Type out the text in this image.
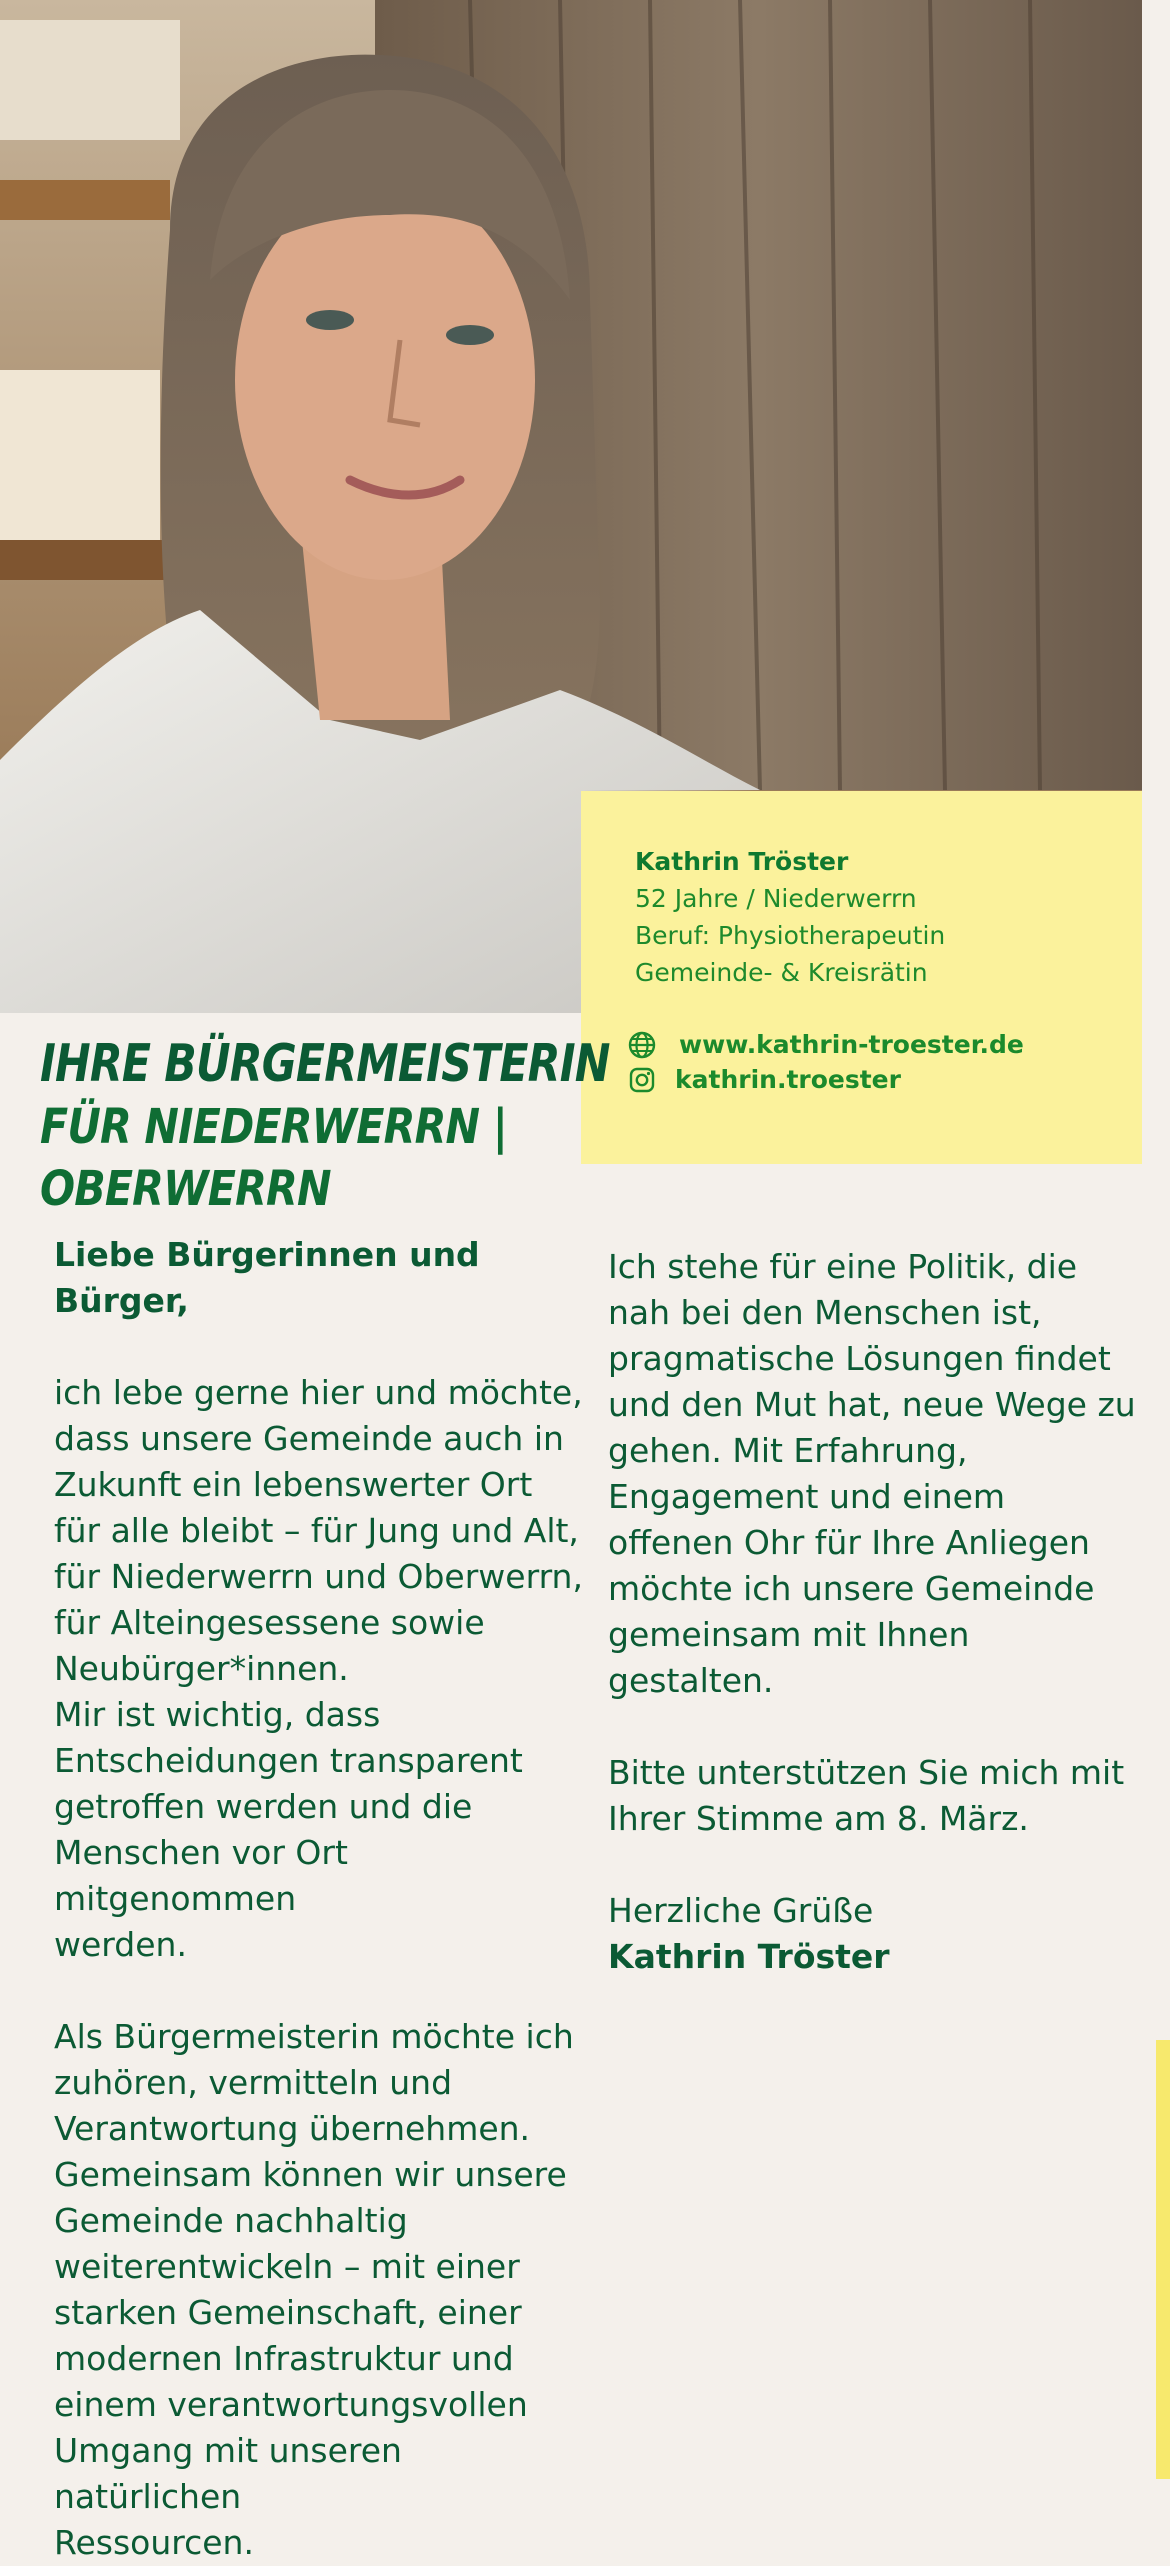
Kathrin Tröster
52 Jahre / Niederwerrn
Beruf: Physiotherapeutin
Gemeinde- & Kreisrätin
www.kathrin-troester.de
kathrin.troester
IHRE BÜRGERMEISTERIN
FÜR NIEDERWERRN |
OBERWERRN
Liebe Bürgerinnen und Bürger,

ich lebe gerne hier und möchte,
dass unsere Gemeinde auch in
Zukunft ein lebenswerter Ort
für alle bleibt – für Jung und Alt,
für Niederwerrn und Oberwerrn,
für Alteingesessene sowie
Neubürger*innen.
Mir ist wichtig, dass
Entscheidungen transparent
getroffen werden und die
Menschen vor Ort mitgenommen
werden.

Als Bürgermeisterin möchte ich
zuhören, vermitteln und
Verantwortung übernehmen.
Gemeinsam können wir unsere
Gemeinde nachhaltig
weiterentwickeln – mit einer
starken Gemeinschaft, einer
modernen Infrastruktur und
einem verantwortungsvollen
Umgang mit unseren natürlichen
Ressourcen.

Ich stehe für eine Politik, die
nah bei den Menschen ist,
pragmatische Lösungen findet
und den Mut hat, neue Wege zu
gehen. Mit Erfahrung,
Engagement und einem
offenen Ohr für Ihre Anliegen
möchte ich unsere Gemeinde
gemeinsam mit Ihnen
gestalten.

Bitte unterstützen Sie mich mit
Ihrer Stimme am 8. März.

Herzliche Grüße

Kathrin Tröster
